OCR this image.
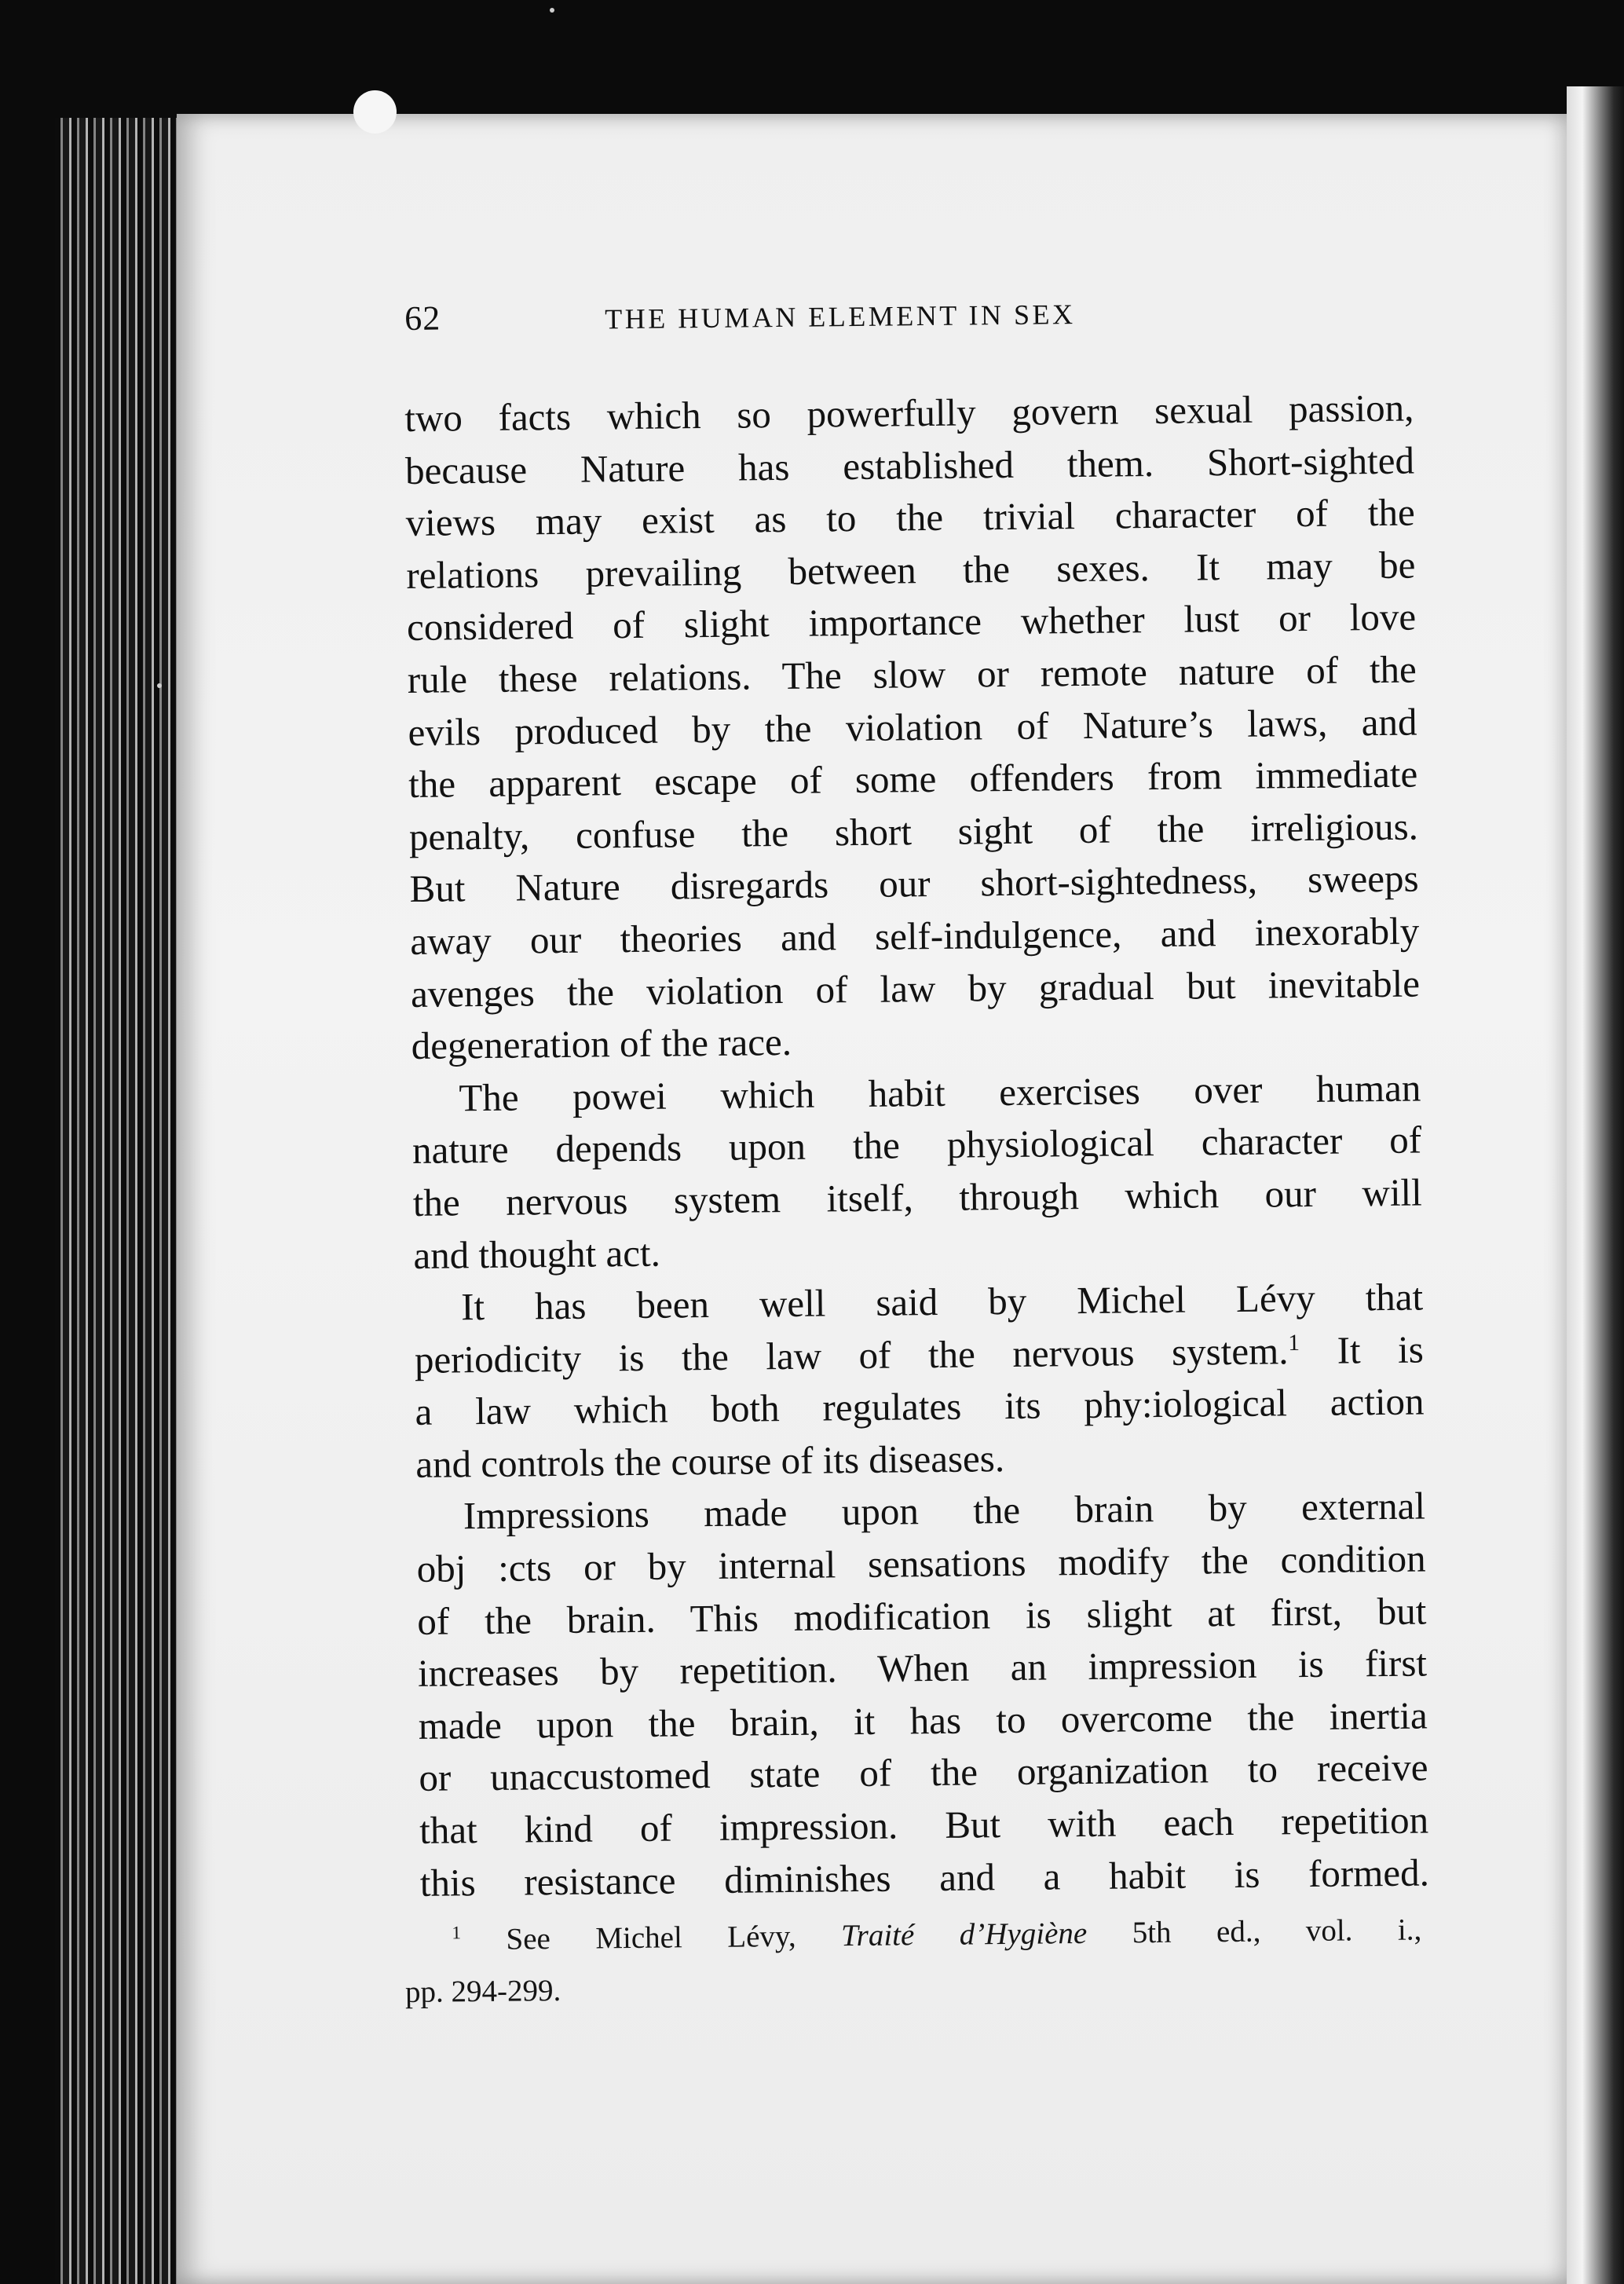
62	THE HUMAN ELEMENT IN SEX
two facts which so powerfully govern sexual passion,
because Nature has established them. Short-sighted
views may exist as to the trivial character of the
relations prevailing between the sexes. It may be
considered of slight importance whether lust or love
rule these relations. The slow or remote nature of the
evils produced by the violation of Nature’s laws, and
the apparent escape of some offenders from immediate
penalty, confuse the short sight of the irreligious.
But Nature disregards our short-sightedness, sweeps
away our theories and self-indulgence, and inexorably
avenges the violation of law by gradual but inevitable
degeneration of the race.
The powei which habit exercises over human
nature depends upon the physiological character of
the nervous system itself, through which our will
and thought act.
It has been well said by Michel Lévy that
periodicity is the law of the nervous system.$^1$ It is
a law which both regulates its phy:iological action
and controls the course of its diseases.
Impressions made upon the brain by external
obj :cts or by internal sensations modify the condition
of the brain. This modification is slight at first, but
increases by repetition. When an impression is first
made upon the brain, it has to overcome the inertia
or unaccustomed state of the organization to receive
that kind of impression. But with each repetition
this resistance diminishes and a habit is formed.
$^1$ See Michel Lévy, Traité d’Hygiène 5th ed., vol. i.,
pp. 294-299.
